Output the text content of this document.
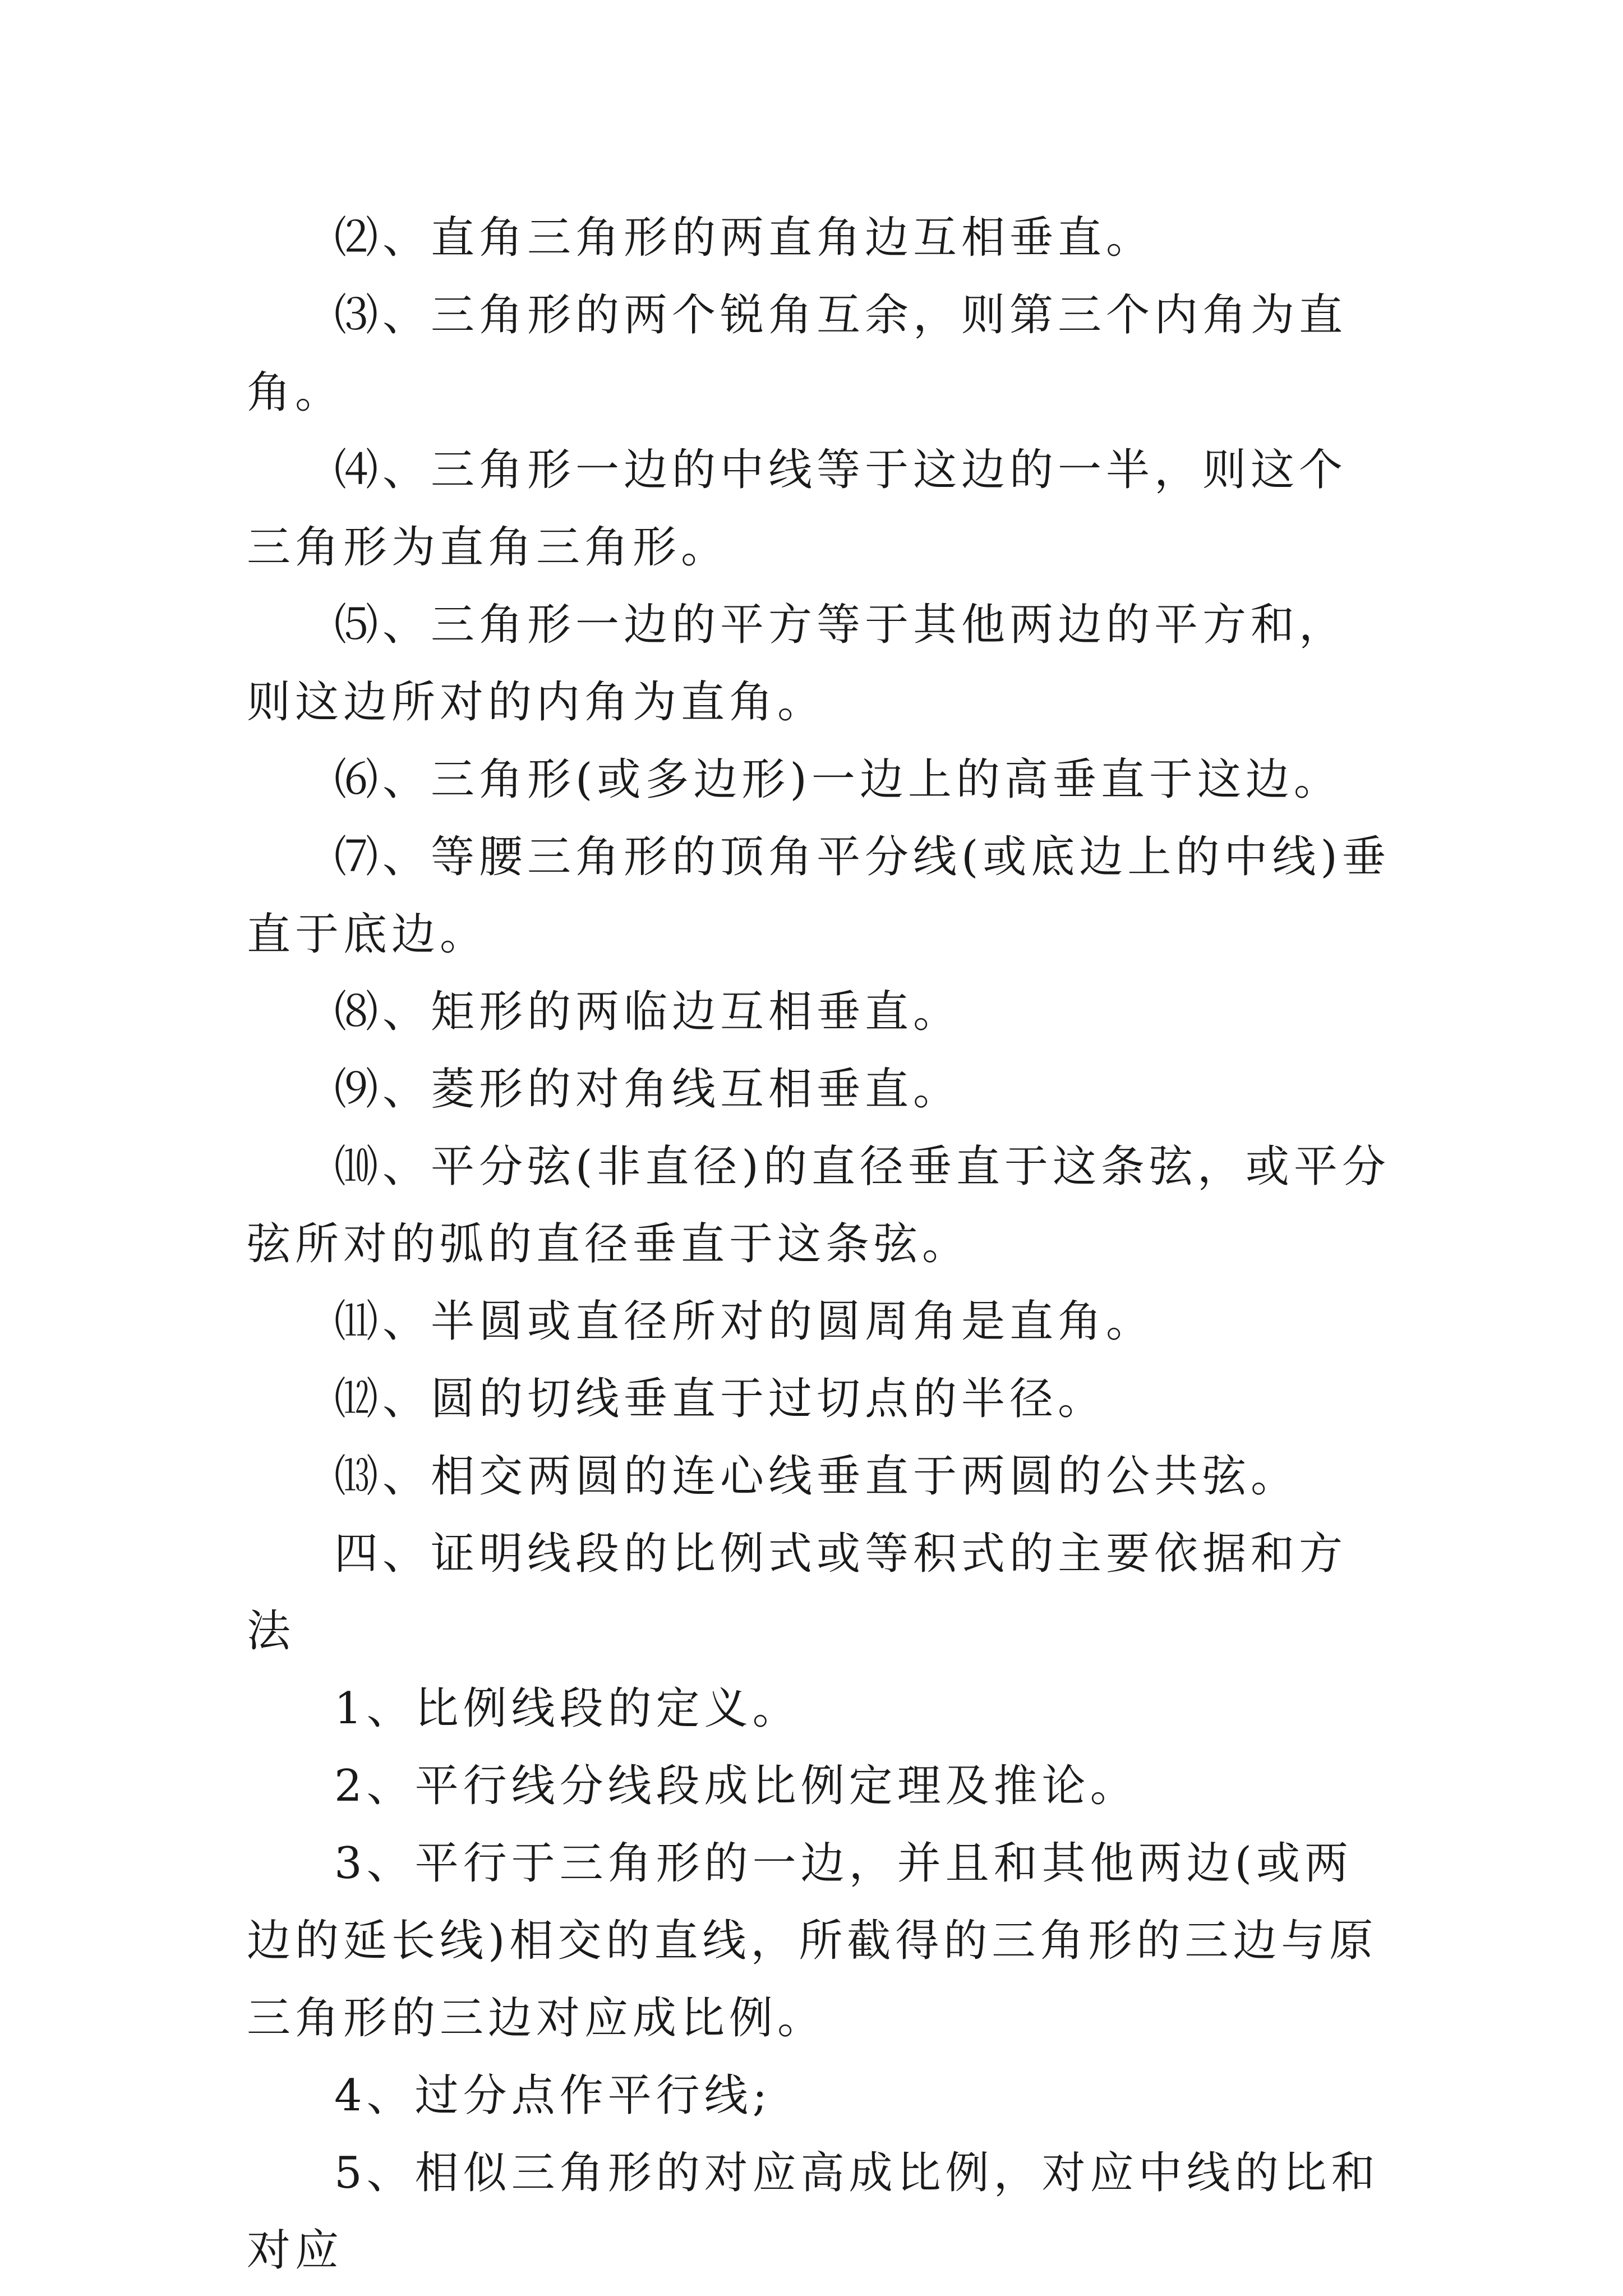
⑵、直角三角形的两直角边互相垂直。

⑶、三角形的两个锐角互余，则第三个内角为直角。

⑷、三角形一边的中线等于这边的一半，则这个三角形为直角三角形。

⑸、三角形一边的平方等于其他两边的平方和，则这边所对的内角为直角。

⑹、三角形(或多边形)一边上的高垂直于这边。

⑺、等腰三角形的顶角平分线(或底边上的中线)垂直于底边。

⑻、矩形的两临边互相垂直。

⑼、菱形的对角线互相垂直。

⑽、平分弦(非直径)的直径垂直于这条弦，或平分弦所对的弧的直径垂直于这条弦。

⑾、半圆或直径所对的圆周角是直角。

⑿、圆的切线垂直于过切点的半径。

⒀、相交两圆的连心线垂直于两圆的公共弦。

四、证明线段的比例式或等积式的主要依据和方法

1、比例线段的定义。

2、平行线分线段成比例定理及推论。

3、平行于三角形的一边，并且和其他两边(或两边的延长线)相交的直线，所截得的三角形的三边与原三角形的三边对应成比例。

4、过分点作平行线;

5、相似三角形的对应高成比例，对应中线的比和对应
